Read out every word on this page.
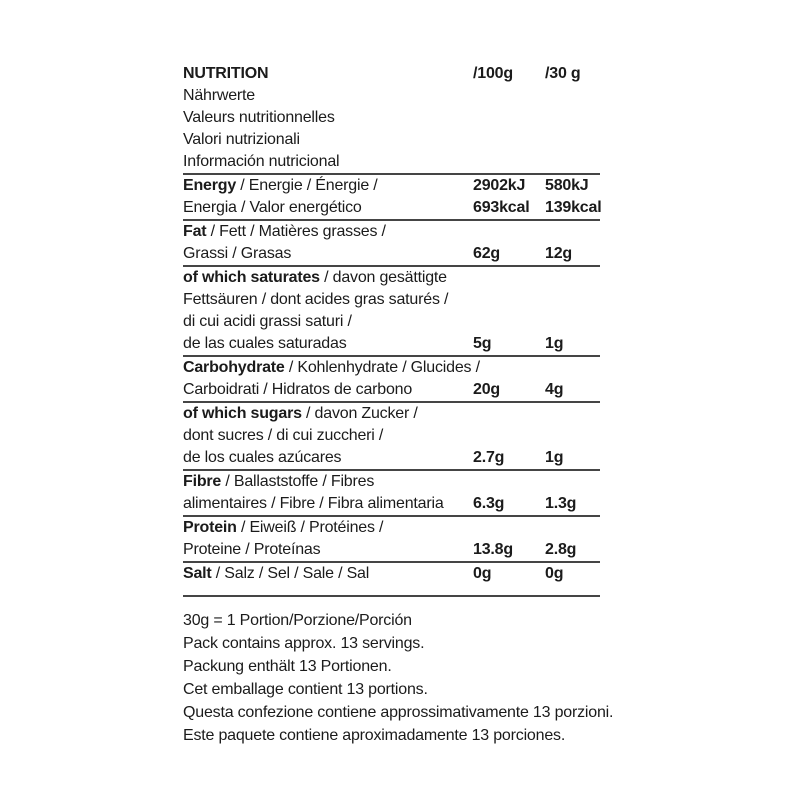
NUTRITION	/100g	/30 g
Nährwerte
Valeurs nutritionnelles
Valori nutrizionali
Información nutricional
Energy / Energie / Énergie /	2902kJ	580kJ
Energia / Valor energético	693kcal 139kcal
Fat / Fett / Matières grasses /
Grassi / Grasas	62g	12g
of which saturates / davon gesättigte
Fettsäuren / dont acides gras saturés /
di cui acidi grassi saturi /
de las cuales saturadas	5g	1g
Carbohydrate / Kohlenhydrate / Glucides /
Carboidrati / Hidratos de carbono	20g	4g
of which sugars / davon Zucker /
dont sucres / di cui zuccheri /
de los cuales azúcares	2.7g	1g
Fibre / Ballaststoffe / Fibres
alimentaires / Fibre / Fibra alimentaria	6.3g	1.3g
Protein / Eiweiß / Protéines /
Proteine / Proteínas	13.8g	2.8g
Salt / Salz / Sel / Sale / Sal	0g	0g
30g = 1 Portion/Porzione/Porción
Pack contains approx. 13 servings.
Packung enthält 13 Portionen.
Cet emballage contient 13 portions.
Questa confezione contiene approssimativamente 13 porzioni.
Este paquete contiene aproximadamente 13 porciones.
